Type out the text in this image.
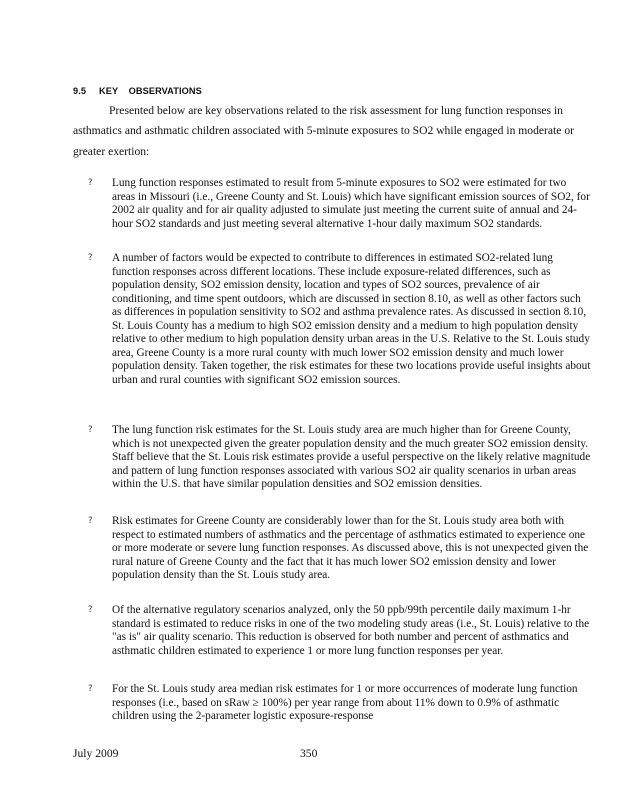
9.5 KEY    OBSERVATIONS

Presented below are key observations related to the risk assessment for lung function responses in asthmatics and asthmatic children associated with 5-minute exposures to SO2 while engaged in moderate or greater exertion:

? Lung function responses estimated to result from 5-minute exposures to SO2 were estimated for two areas in Missouri (i.e., Greene County and St. Louis) which have significant emission sources of SO2, for 2002 air quality and for air quality adjusted to simulate just meeting the current suite of annual and 24-hour SO2 standards and just meeting several alternative 1-hour daily maximum SO2 standards.

? A number of factors would be expected to contribute to differences in estimated SO2-related lung function responses across different locations. These include exposure-related differences, such as population density, SO2 emission density, location and types of SO2 sources, prevalence of air conditioning, and time spent outdoors, which are discussed in section 8.10, as well as other factors such as differences in population sensitivity to SO2 and asthma prevalence rates. As discussed in section 8.10, St. Louis County has a medium to high SO2 emission density and a medium to high population density relative to other medium to high population density urban areas in the U.S. Relative to the St. Louis study area, Greene County is a more rural county with much lower SO2 emission density and much lower population density. Taken together, the risk estimates for these two locations provide useful insights about urban and rural counties with significant SO2 emission sources.

? The lung function risk estimates for the St. Louis study area are much higher than for Greene County, which is not unexpected given the greater population density and the much greater SO2 emission density. Staff believe that the St. Louis risk estimates provide a useful perspective on the likely relative magnitude and pattern of lung function responses associated with various SO2 air quality scenarios in urban areas within the U.S. that have similar population densities and SO2 emission densities.

? Risk estimates for Greene County are considerably lower than for the St. Louis study area both with respect to estimated numbers of asthmatics and the percentage of asthmatics estimated to experience one or more moderate or severe lung function responses. As discussed above, this is not unexpected given the rural nature of Greene County and the fact that it has much lower SO2 emission density and lower population density than the St. Louis study area.

? Of the alternative regulatory scenarios analyzed, only the 50 ppb/99th percentile daily maximum 1-hr standard is estimated to reduce risks in one of the two modeling study areas (i.e., St. Louis) relative to the "as is" air quality scenario. This reduction is observed for both number and percent of asthmatics and asthmatic children estimated to experience 1 or more lung function responses per year.

? For the St. Louis study area median risk estimates for 1 or more occurrences of moderate lung function responses (i.e., based on sRaw ≥ 100%) per year range from about 11% down to 0.9% of asthmatic children using the 2-parameter logistic exposure-response

July 2009	350
